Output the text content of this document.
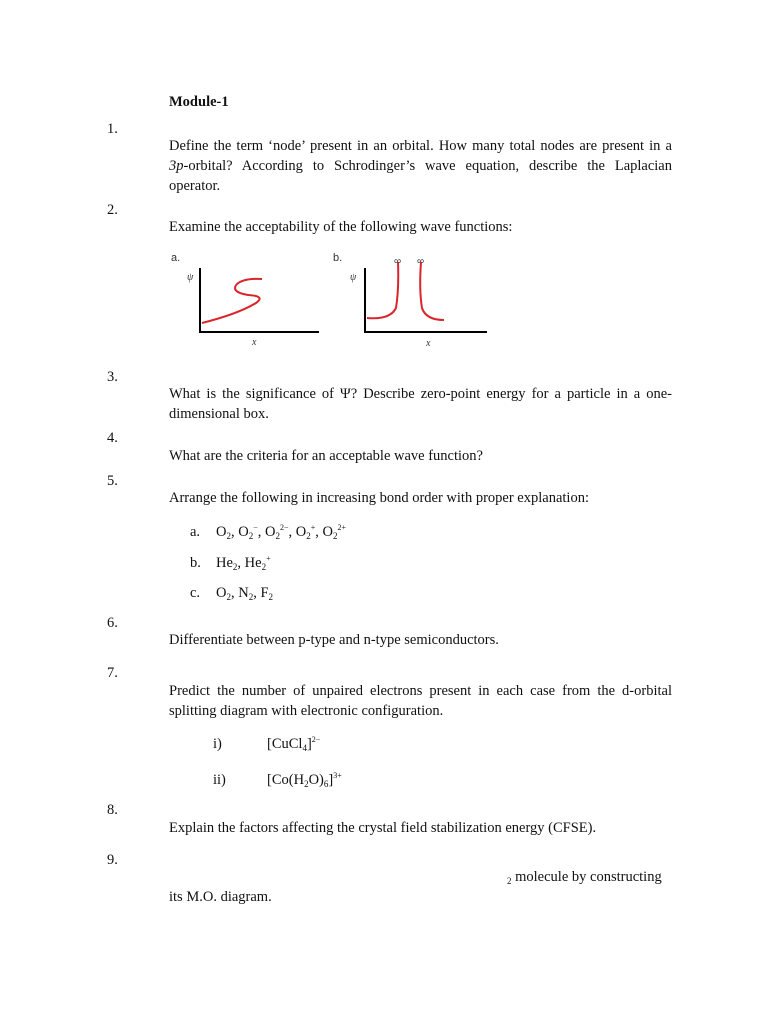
Module-1
1.
Define the term ‘node’ present in an orbital. How many total nodes are present in a 3p-orbital? According to Schrodinger’s wave equation, describe the Laplacian operator.
2.
Examine the acceptability of the following wave functions:
a.
ψ
x
b.
ψ
∞ ∞
x
3.
What is the significance of Ψ? Describe zero-point energy for a particle in a one-dimensional box.
4.
What are the criteria for an acceptable wave function?
5.
Arrange the following in increasing bond order with proper explanation:
a. $O_2$, $O_2^-$, $O_2^{2-}$, $O_2^+$, $O_2^{2+}$
b. $He_2$, $He_2^+$
c. $O_2$, $N_2$, $F_2$
6.
Differentiate between p-type and n-type semiconductors.
7.
Predict the number of unpaired electrons present in each case from the d-orbital splitting diagram with electronic configuration.
i)	[CuCl$_4$]$^{2-}$
ii)	$[Co(H_2O)_6]^{3+}$
8.
Explain the factors affecting the crystal field stabilization energy (CFSE).
9.
$_2$ molecule by constructing
its M.O. diagram.
